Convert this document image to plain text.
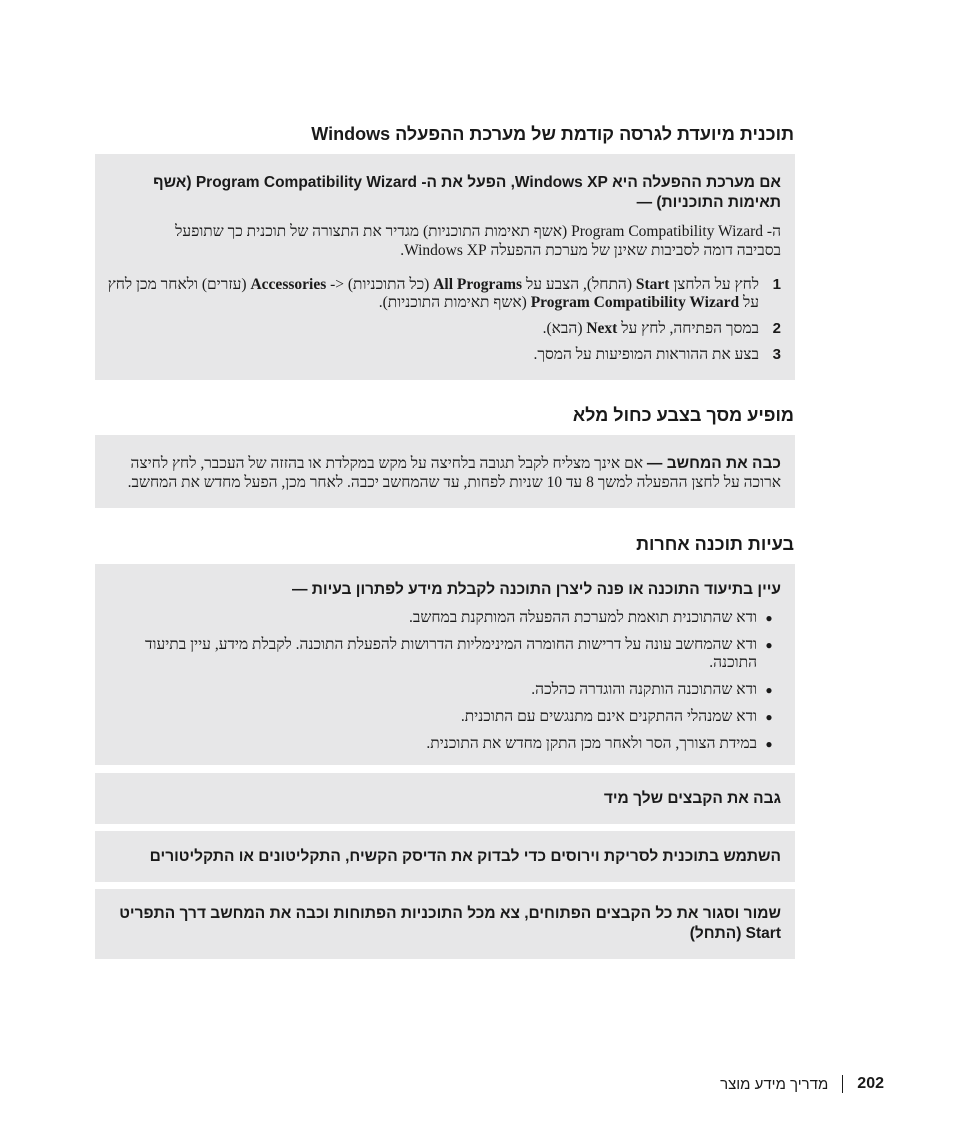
תוכנית מיועדת לגרסה קודמת של מערכת ההפעלה Windows
אם מערכת ההפעלה היא Windows XP, הפעל את ה- Program Compatibility Wizard (אשף
תאימות התוכניות) —
ה- Program Compatibility Wizard (אשף תאימות התוכניות) מגדיר את התצורה של תוכנית כך שתופעל
בסביבה דומה לסביבות שאינן של מערכת ההפעלה Windows XP.
1
לחץ על הלחצן Start (התחל), הצבע על All Programs (כל התוכניות) <- Accessories (עזרים) ולאחר מכן לחץ על Program Compatibility Wizard (אשף תאימות התוכניות).
2
במסך הפתיחה, לחץ על Next (הבא).
3
בצע את ההוראות המופיעות על המסך.
מופיע מסך בצבע כחול מלא
כבה את המחשב — אם אינך מצליח לקבל תגובה בלחיצה על מקש במקלדת או בהזזה של העכבר, לחץ לחיצה ארוכה על לחצן ההפעלה למשך 8 עד 10 שניות לפחות, עד שהמחשב יכבה. לאחר מכן, הפעל מחדש את המחשב.
בעיות תוכנה אחרות
עיין בתיעוד התוכנה או פנה ליצרן התוכנה לקבלת מידע לפתרון בעיות —
●
ודא שהתוכנית תואמת למערכת ההפעלה המותקנת במחשב.
●
ודא שהמחשב עונה על דרישות החומרה המינימליות הדרושות להפעלת התוכנה. לקבלת מידע, עיין בתיעוד התוכנה.
●
ודא שהתוכנה הותקנה והוגדרה כהלכה.
●
ודא שמנהלי ההתקנים אינם מתנגשים עם התוכנית.
●
במידת הצורך, הסר ולאחר מכן התקן מחדש את התוכנית.
גבה את הקבצים שלך מיד
השתמש בתוכנית לסריקת וירוסים כדי לבדוק את הדיסק הקשיח, התקליטונים או התקליטורים
שמור וסגור את כל הקבצים הפתוחים, צא מכל התוכניות הפתוחות וכבה את המחשב דרך התפריט
Start (התחל)
202
מדריך מידע מוצר
